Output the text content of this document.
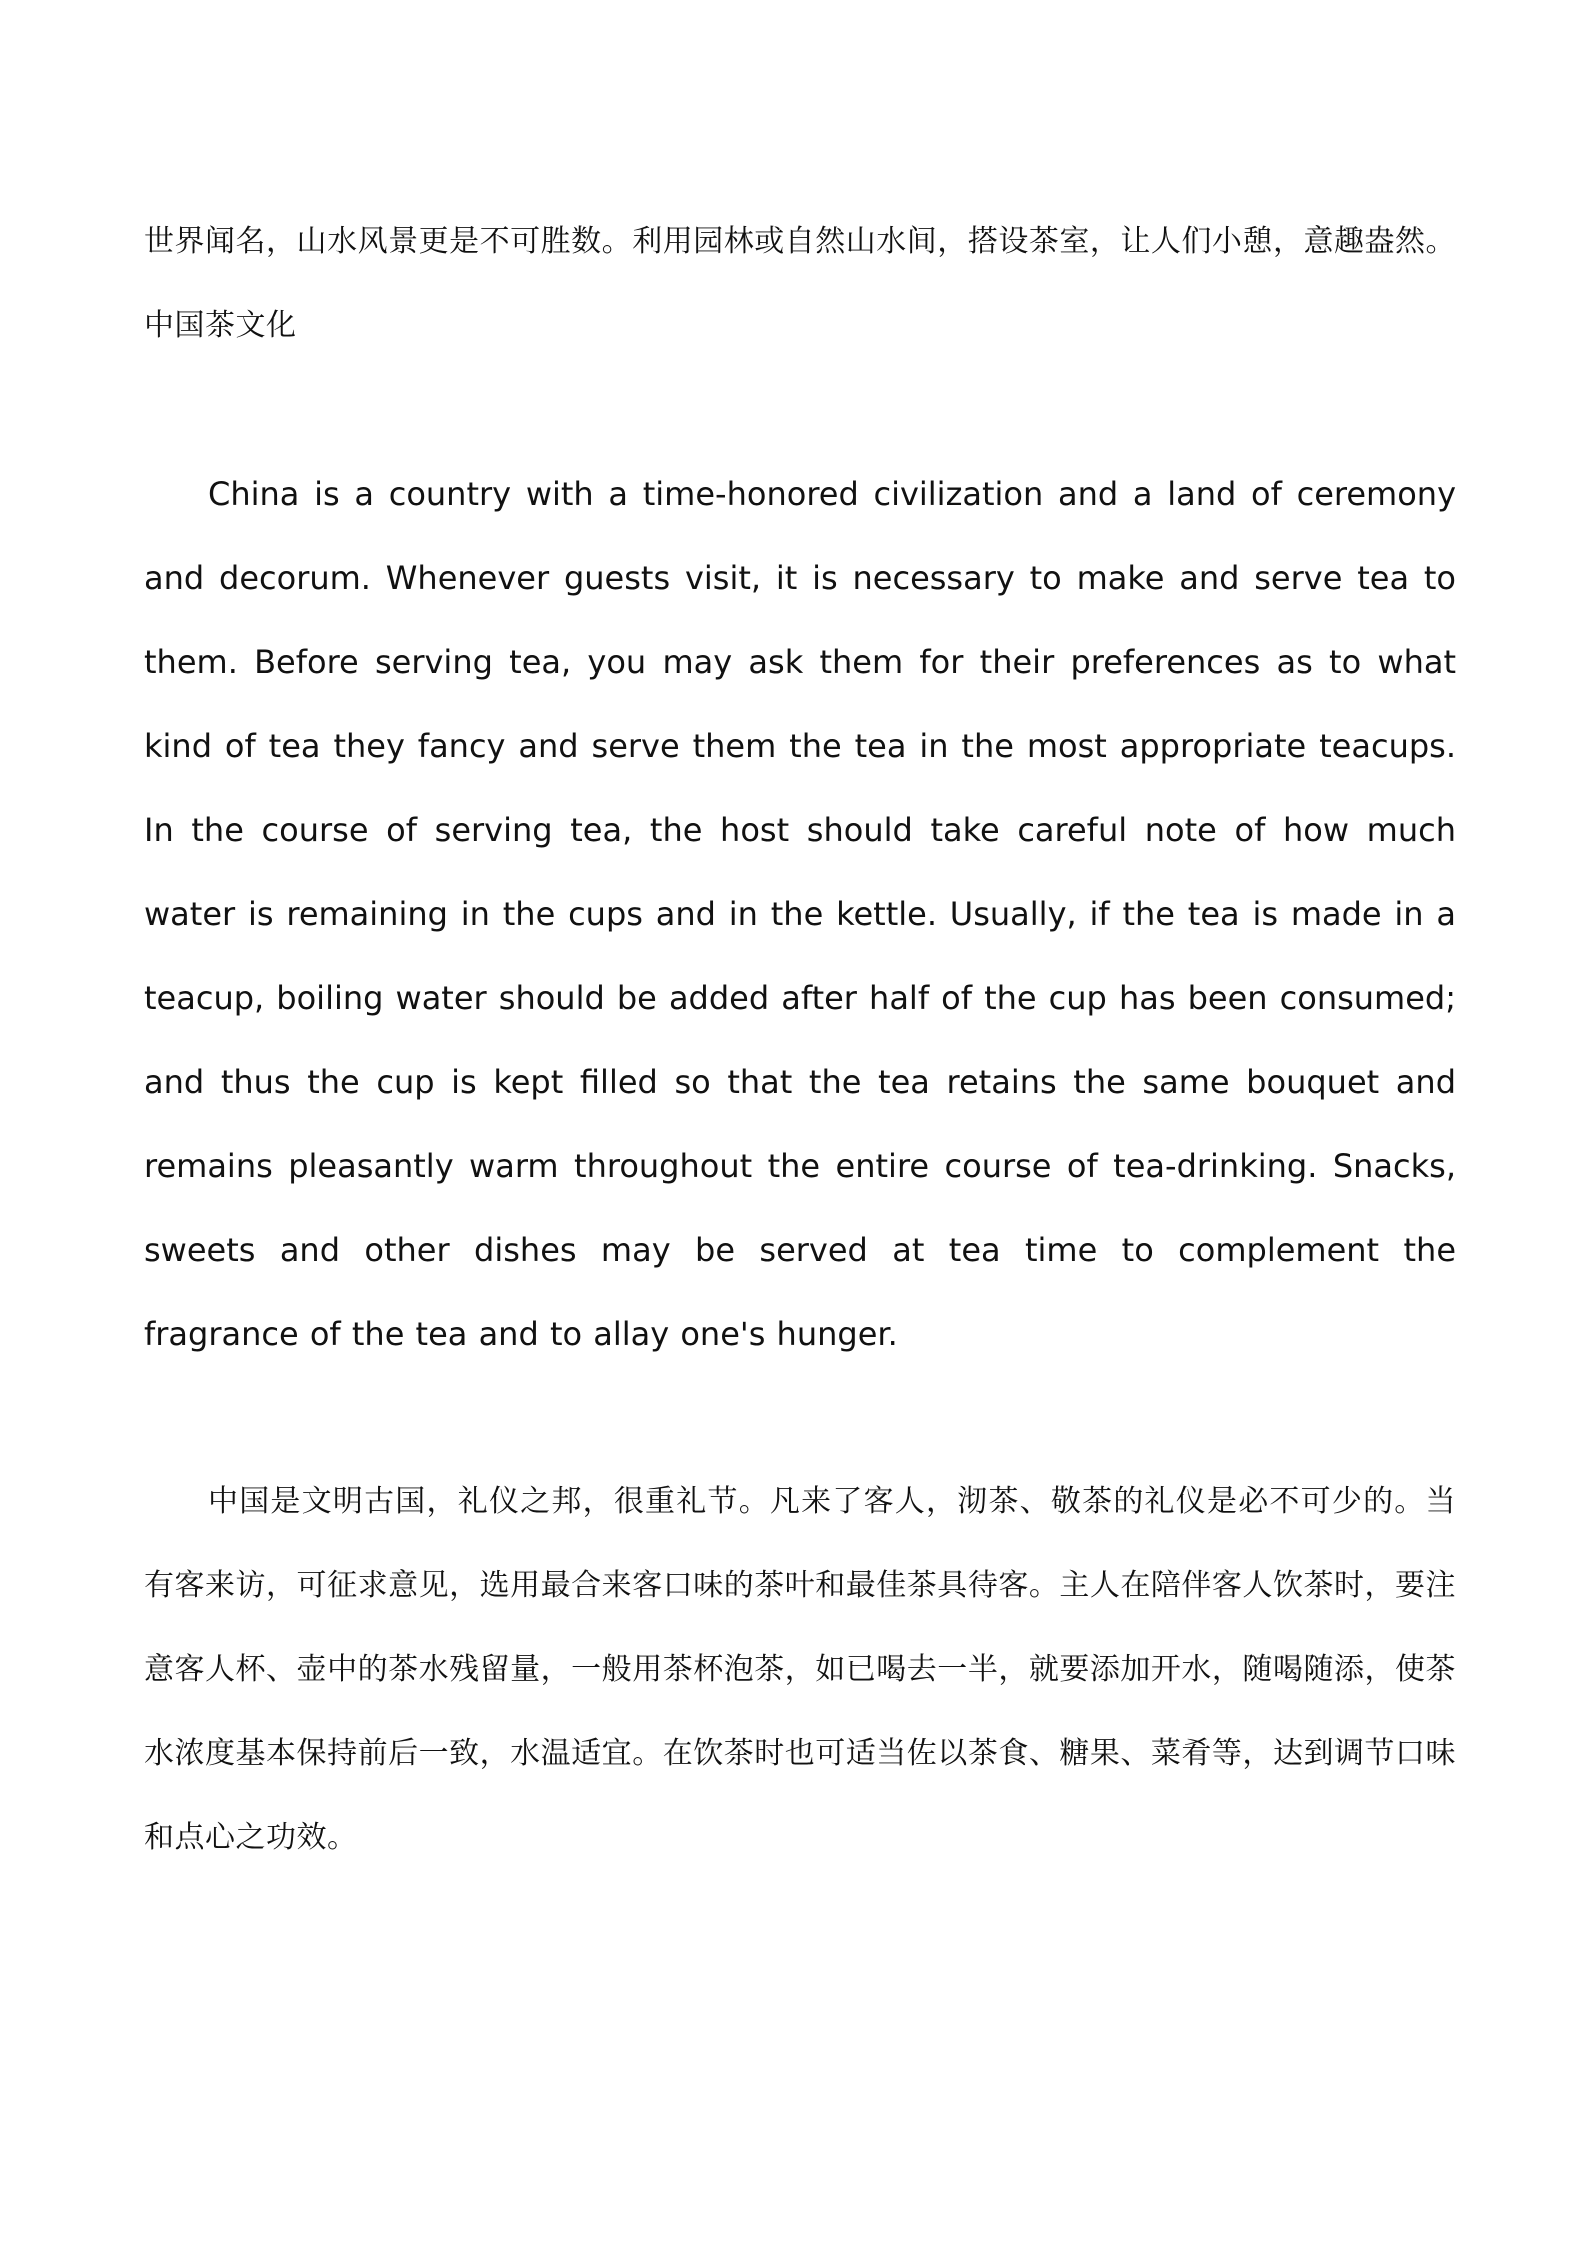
世界闻名，山水风景更是不可胜数。利用园林或自然山水间，搭设茶室，让人们小憩，意趣盎然。中国茶文化

China is a country with a time-honored civilization and a land of ceremony and decorum. Whenever guests visit, it is necessary to make and serve tea to them. Before serving tea, you may ask them for their preferences as to what kind of tea they fancy and serve them the tea in the most appropriate teacups. In the course of serving tea, the host should take careful note of how much water is remaining in the cups and in the kettle. Usually, if the tea is made in a teacup, boiling water should be added after half of the cup has been consumed; and thus the cup is kept filled so that the tea retains the same bouquet and remains pleasantly warm throughout the entire course of tea-drinking. Snacks, sweets and other dishes may be served at tea time to complement the fragrance of the tea and to allay one's hunger.

中国是文明古国，礼仪之邦，很重礼节。凡来了客人，沏茶、敬茶的礼仪是必不可少的。当有客来访，可征求意见，选用最合来客口味的茶叶和最佳茶具待客。主人在陪伴客人饮茶时，要注意客人杯、壶中的茶水残留量，一般用茶杯泡茶，如已喝去一半，就要添加开水，随喝随添，使茶水浓度基本保持前后一致，水温适宜。在饮茶时也可适当佐以茶食、糖果、菜肴等，达到调节口味和点心之功效。
